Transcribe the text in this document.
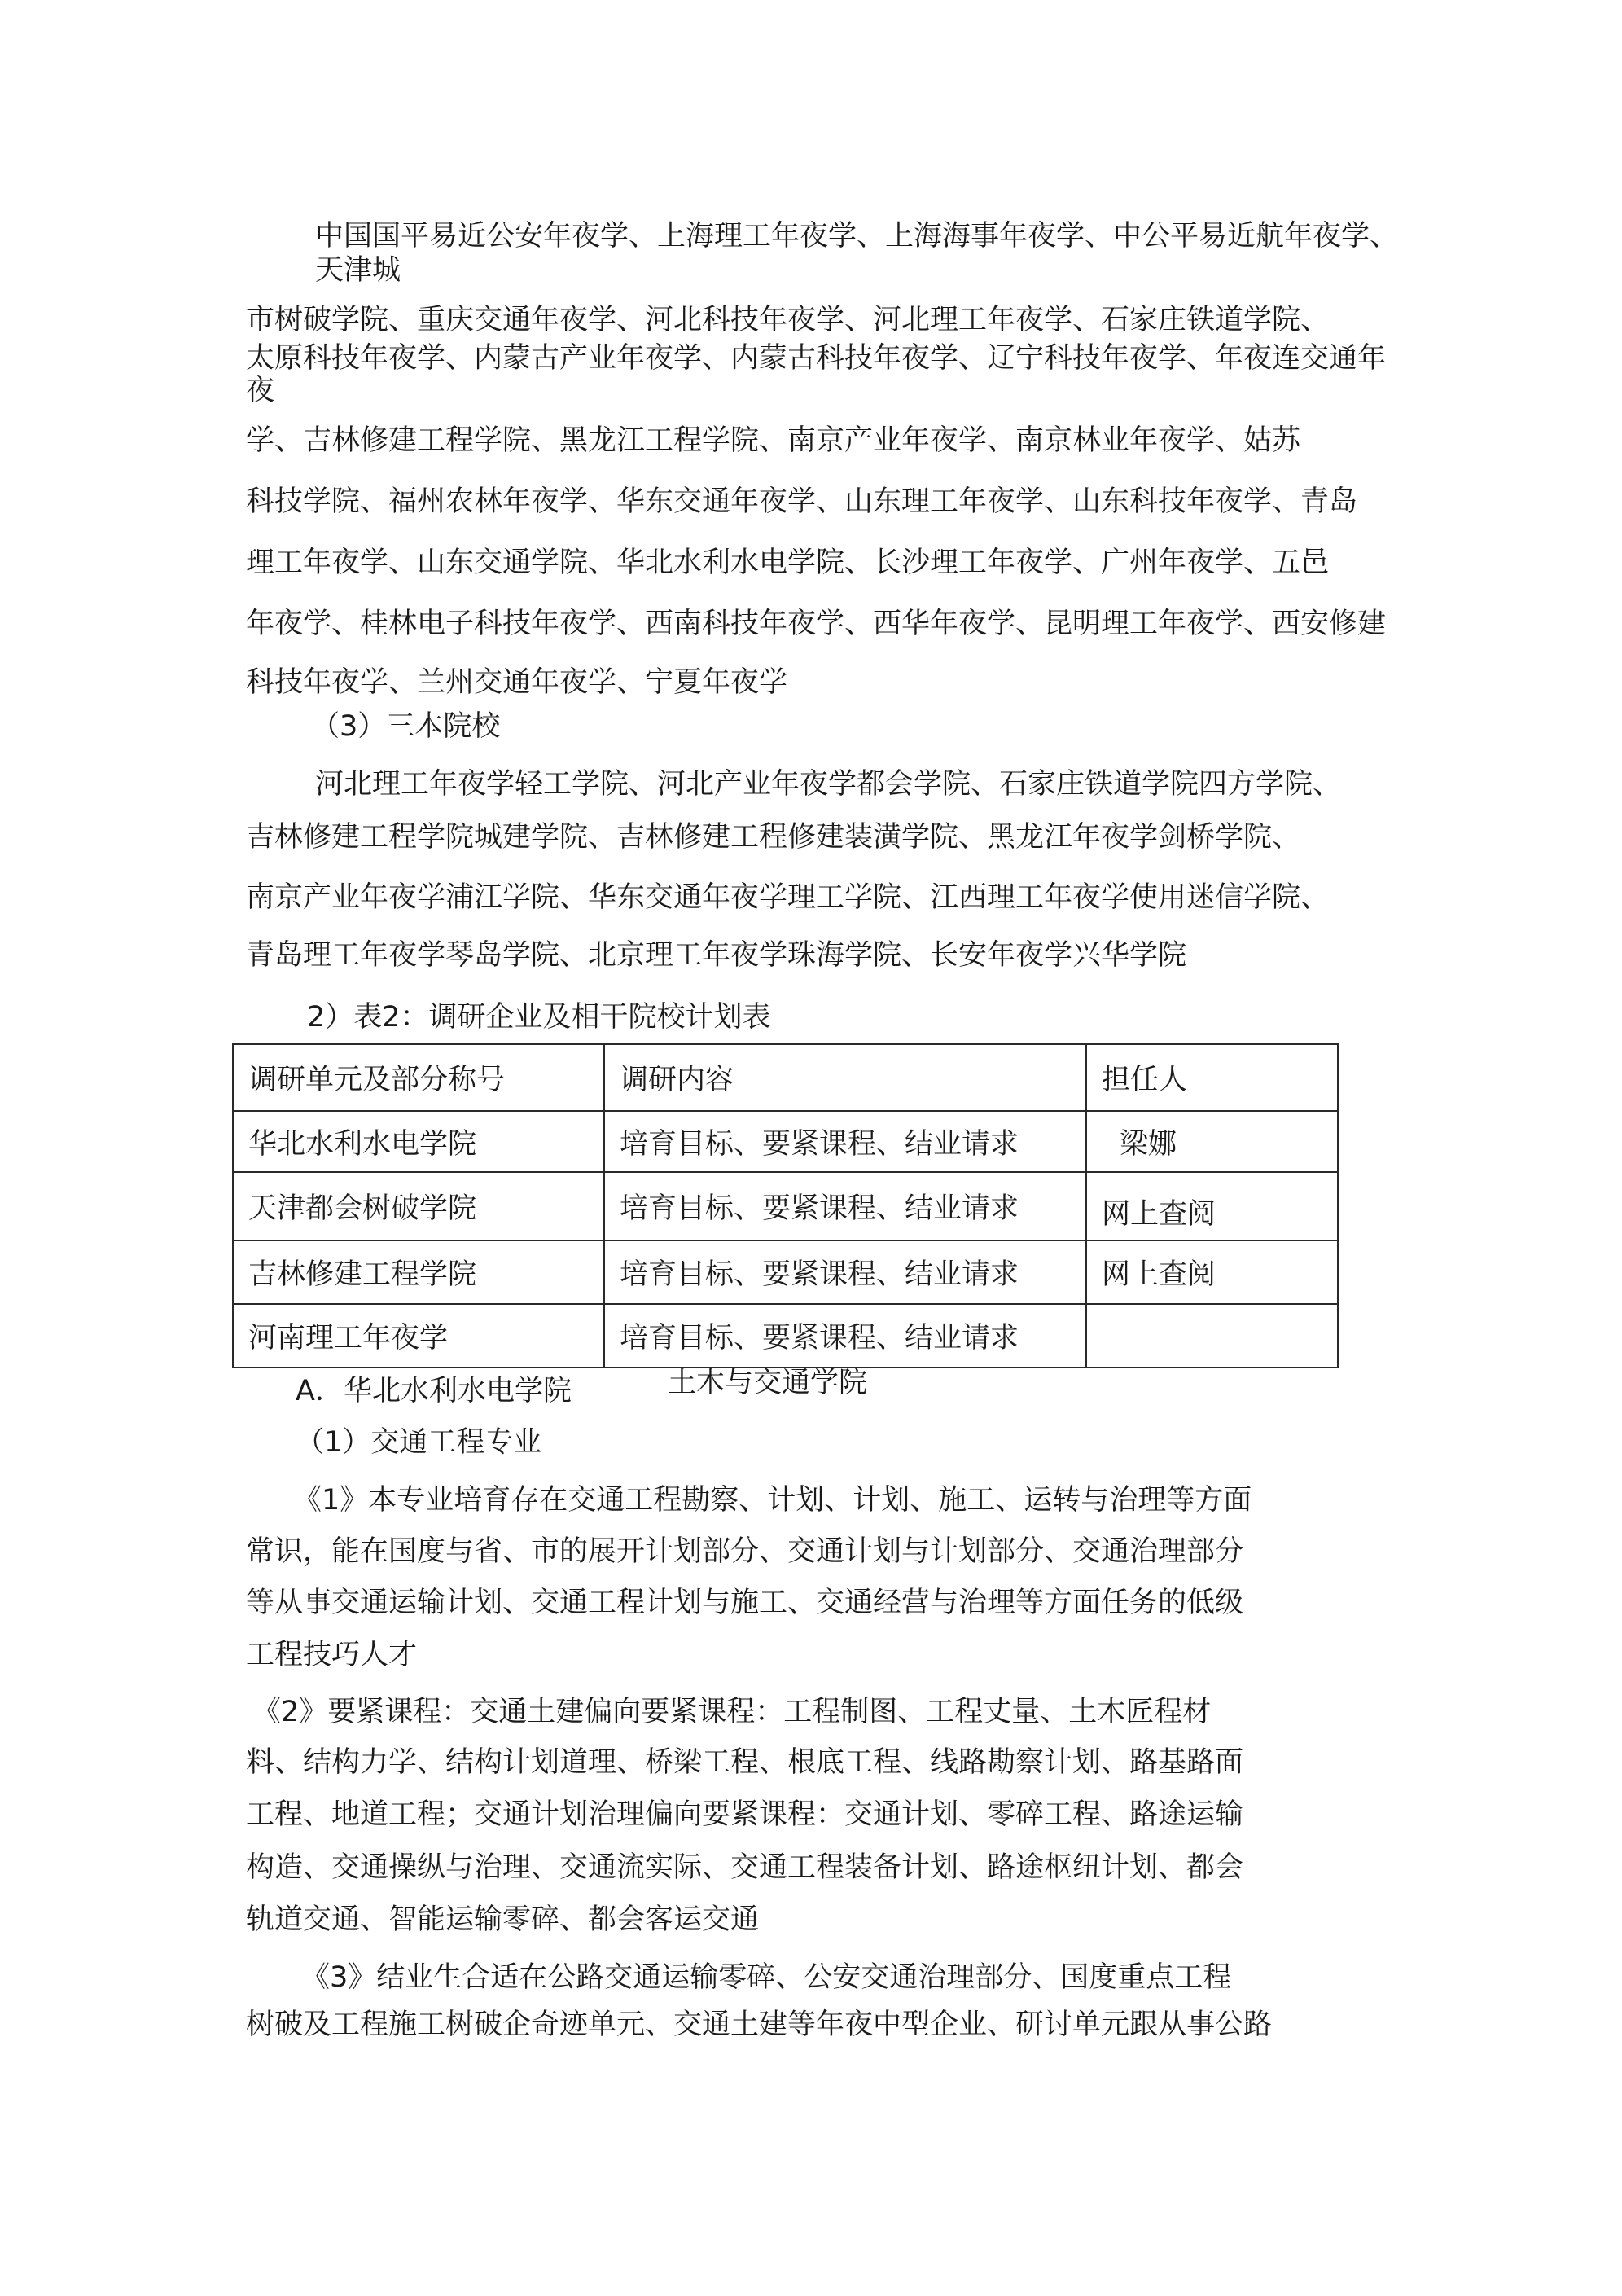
中国国平易近公安年夜学、上海理工年夜学、上海海事年夜学、中公平易近航年夜学、
天津城
市树破学院、重庆交通年夜学、河北科技年夜学、河北理工年夜学、石家庄铁道学院、
太原科技年夜学、内蒙古产业年夜学、内蒙古科技年夜学、辽宁科技年夜学、年夜连交通年
夜
学、吉林修建工程学院、黑龙江工程学院、南京产业年夜学、南京林业年夜学、姑苏
科技学院、福州农林年夜学、华东交通年夜学、山东理工年夜学、山东科技年夜学、青岛
理工年夜学、山东交通学院、华北水利水电学院、长沙理工年夜学、广州年夜学、五邑
年夜学、桂林电子科技年夜学、西南科技年夜学、西华年夜学、昆明理工年夜学、西安修建
科技年夜学、兰州交通年夜学、宁夏年夜学
（3）三本院校
河北理工年夜学轻工学院、河北产业年夜学都会学院、石家庄铁道学院四方学院、
吉林修建工程学院城建学院、吉林修建工程修建装潢学院、黑龙江年夜学剑桥学院、
南京产业年夜学浦江学院、华东交通年夜学理工学院、江西理工年夜学使用迷信学院、
青岛理工年夜学琴岛学院、北京理工年夜学珠海学院、长安年夜学兴华学院
2）表2：调研企业及相干院校计划表
调研单元及部分称号	调研内容	担任人
华北水利水电学院	培育目标、要紧课程、结业请求	梁娜
天津都会树破学院	培育目标、要紧课程、结业请求	网上查阅
吉林修建工程学院	培育目标、要紧课程、结业请求	网上查阅
河南理工年夜学	培育目标、要紧课程、结业请求	
A．华北水利水电学院	土木与交通学院
（1）交通工程专业
《1》本专业培育存在交通工程勘察、计划、计划、施工、运转与治理等方面
常识，能在国度与省、市的展开计划部分、交通计划与计划部分、交通治理部分
等从事交通运输计划、交通工程计划与施工、交通经营与治理等方面任务的低级
工程技巧人才
《2》要紧课程：交通土建偏向要紧课程：工程制图、工程丈量、土木匠程材
料、结构力学、结构计划道理、桥梁工程、根底工程、线路勘察计划、路基路面
工程、地道工程；交通计划治理偏向要紧课程：交通计划、零碎工程、路途运输
构造、交通操纵与治理、交通流实际、交通工程装备计划、路途枢纽计划、都会
轨道交通、智能运输零碎、都会客运交通
《3》结业生合适在公路交通运输零碎、公安交通治理部分、国度重点工程
树破及工程施工树破企奇迹单元、交通土建等年夜中型企业、研讨单元跟从事公路
